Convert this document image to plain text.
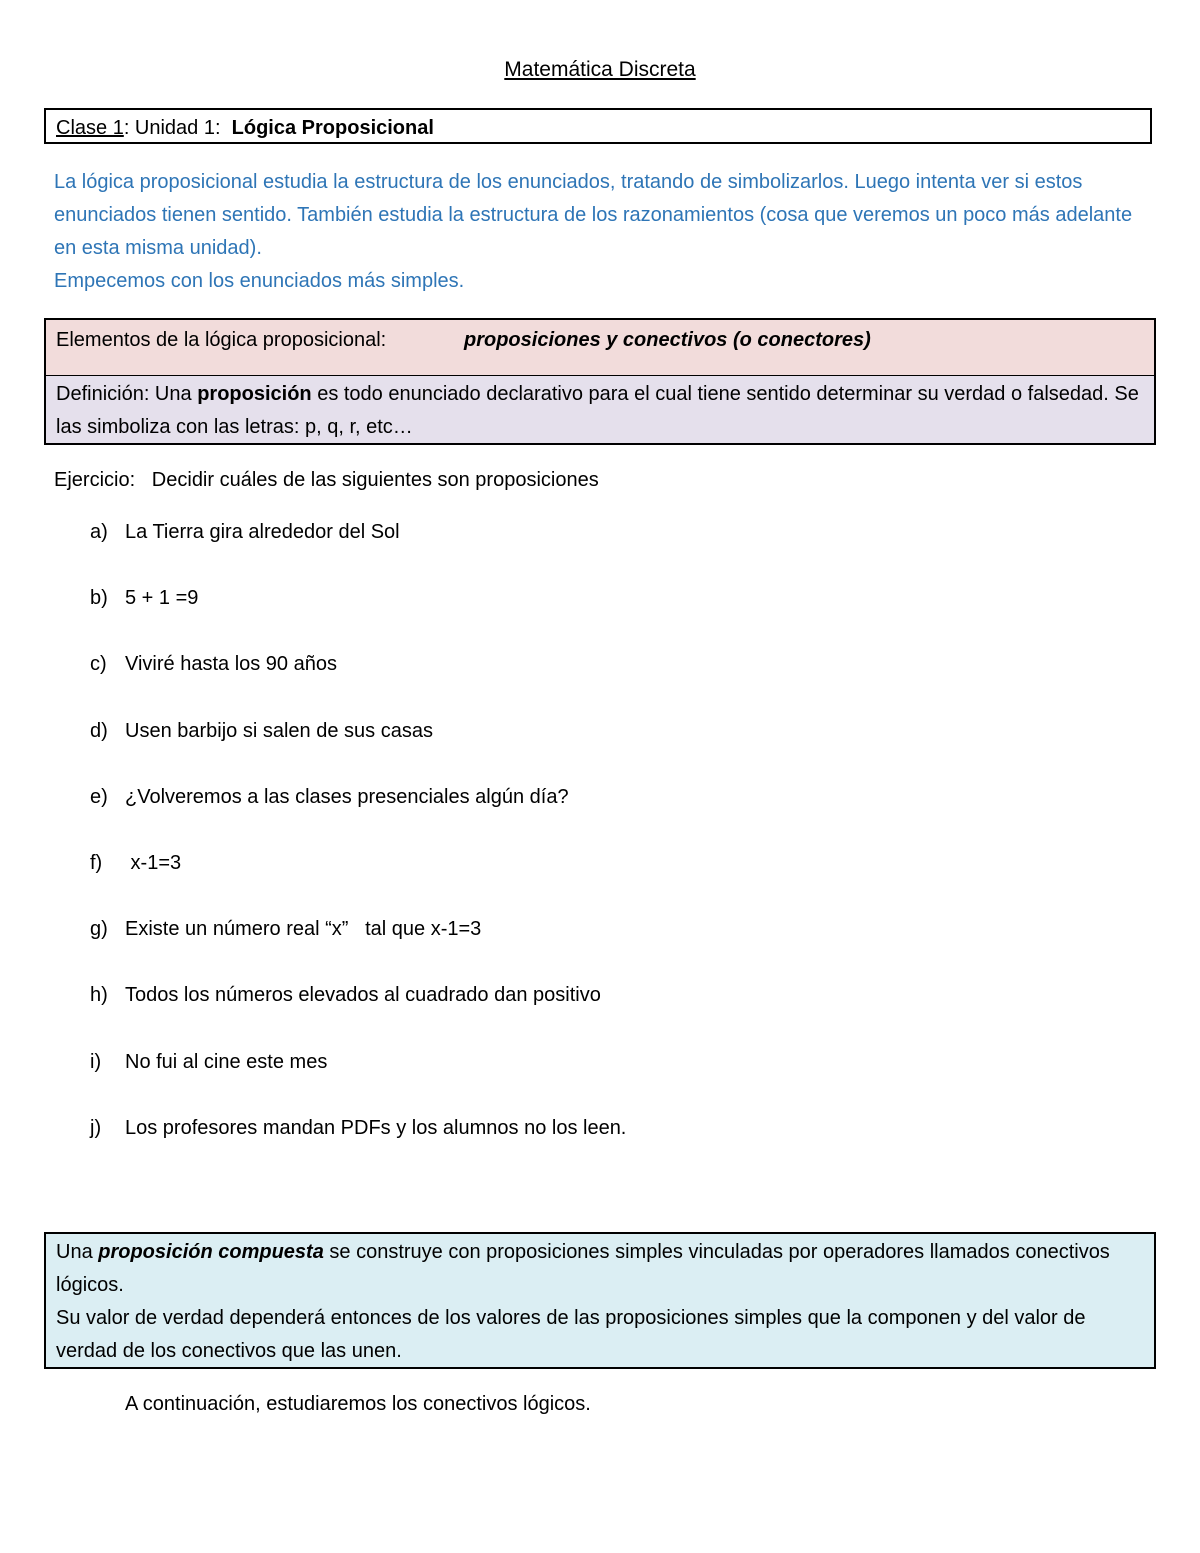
Matemática Discreta
Clase 1: Unidad 1:  Lógica Proposicional

La lógica proposicional estudia la estructura de los enunciados, tratando de simbolizarlos. Luego intenta ver si estos enunciados tienen sentido. También estudia la estructura de los razonamientos (cosa que veremos un poco más adelante en esta misma unidad).

Empecemos con los enunciados más simples.

Elementos de la lógica proposicional:	proposiciones y conectivos (o conectores)
Definición: Una proposición es todo enunciado declarativo para el cual tiene sentido determinar su verdad o falsedad. Se las simboliza con las letras: p, q, r, etc…
Ejercicio:   Decidir cuáles de las siguientes son proposiciones
a) La Tierra gira alrededor del Sol
b) 5 + 1 =9
c) Viviré hasta los 90 años
d) Usen barbijo si salen de sus casas
e) ¿Volveremos a las clases presenciales algún día?
f)	x-1=3
g) Existe un número real “x”   tal que x-1=3
h) Todos los números elevados al cuadrado dan positivo
i)	No fui al cine este mes
j)	Los profesores mandan PDFs y los alumnos no los leen.

Una proposición compuesta se construye con proposiciones simples vinculadas por operadores llamados conectivos lógicos.

Su valor de verdad dependerá entonces de los valores de las proposiciones simples que la componen y del valor de verdad de los conectivos que las unen.

A continuación, estudiaremos los conectivos lógicos.
